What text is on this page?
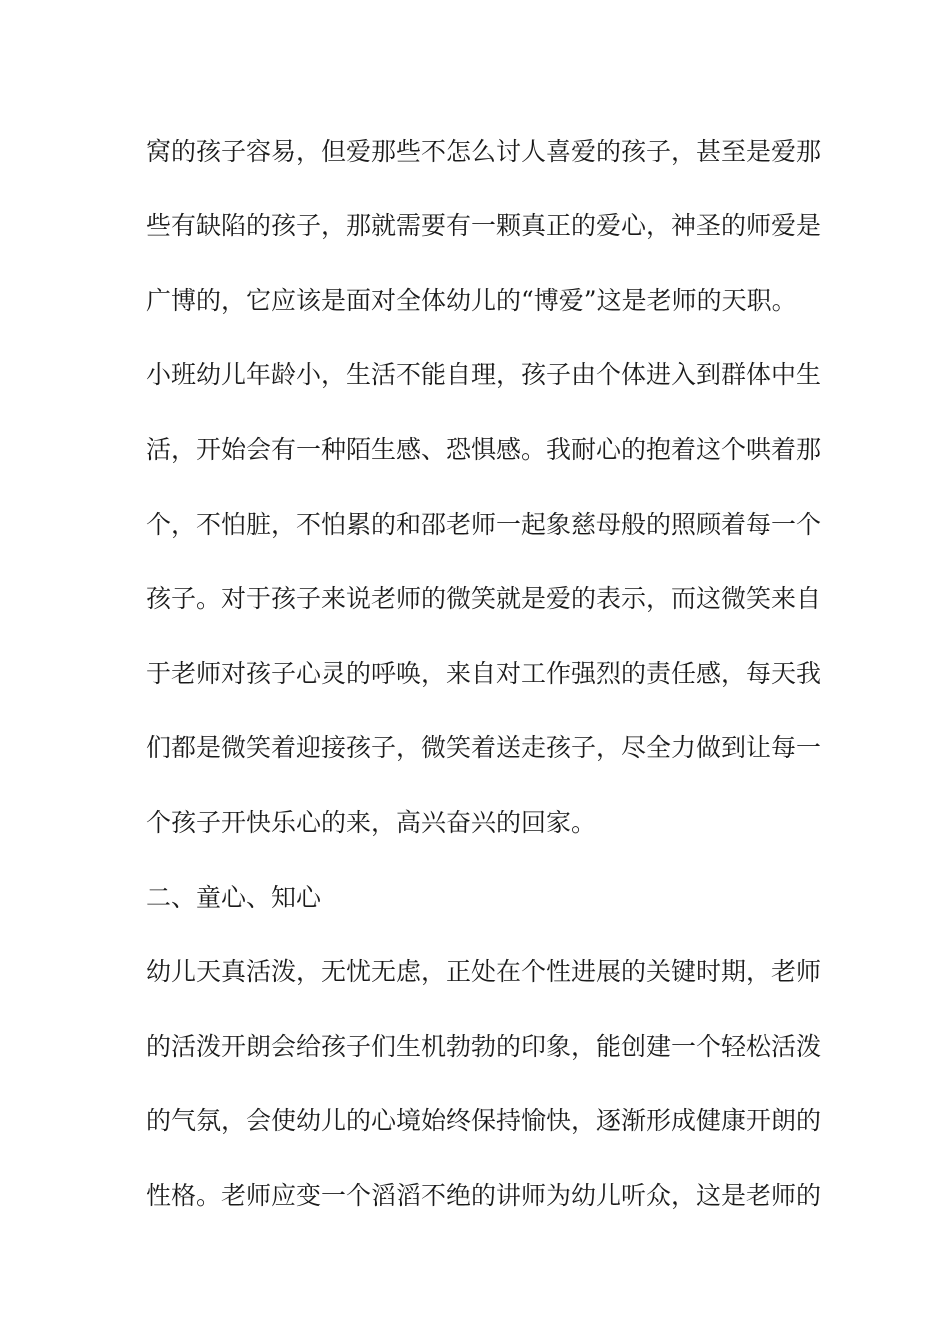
窝的孩子容易，但爱那些不怎么讨人喜爱的孩子，甚至是爱那
些有缺陷的孩子，那就需要有一颗真正的爱心，神圣的师爱是
广博的，它应该是面对全体幼儿的“博爱”这是老师的天职。
小班幼儿年龄小，生活不能自理，孩子由个体进入到群体中生
活，开始会有一种陌生感、恐惧感。我耐心的抱着这个哄着那
个，不怕脏，不怕累的和邵老师一起象慈母般的照顾着每一个
孩子。对于孩子来说老师的微笑就是爱的表示，而这微笑来自
于老师对孩子心灵的呼唤，来自对工作强烈的责任感，每天我
们都是微笑着迎接孩子，微笑着送走孩子，尽全力做到让每一
个孩子开快乐心的来，高兴奋兴的回家。
二、童心、知心
幼儿天真活泼，无忧无虑，正处在个性进展的关键时期，老师
的活泼开朗会给孩子们生机勃勃的印象，能创建一个轻松活泼
的气氛，会使幼儿的心境始终保持愉快，逐渐形成健康开朗的
性格。老师应变一个滔滔不绝的讲师为幼儿听众，这是老师的
